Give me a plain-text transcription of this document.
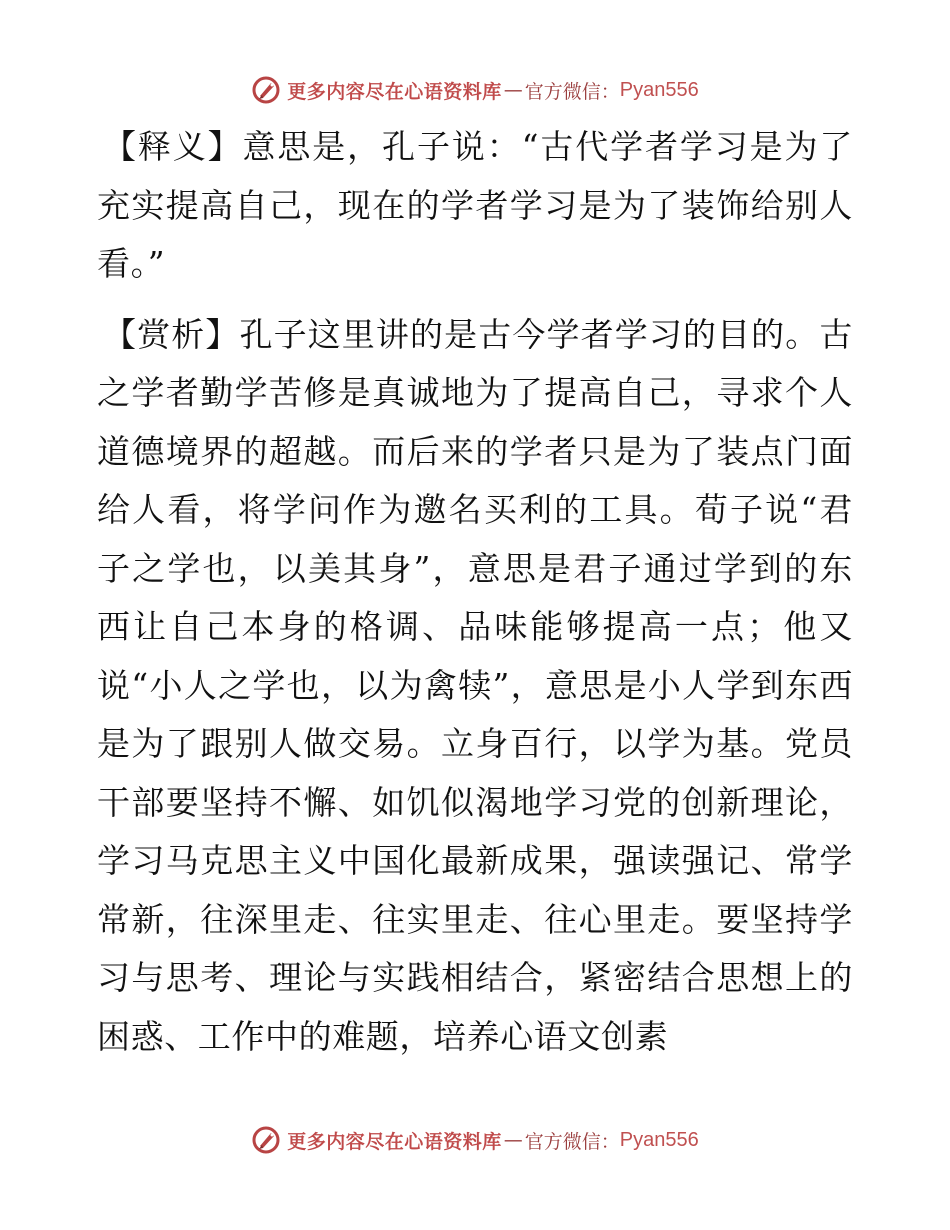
更多内容尽在心语资料库 — 官方微信： Pyan556

【释义】意思是，孔子说：“古代学者学习是为了充实提高自己，现在的学者学习是为了装饰给别人看。”

【赏析】孔子这里讲的是古今学者学习的目的。古之学者勤学苦修是真诚地为了提高自己，寻求个人道德境界的超越。而后来的学者只是为了装点门面给人看，将学问作为邀名买利的工具。荀子说“君子之学也，以美其身”，意思是君子通过学到的东西让自己本身的格调、品味能够提高一点；他又说“小人之学也，以为禽犊”，意思是小人学到东西是为了跟别人做交易。立身百行，以学为基。党员干部要坚持不懈、如饥似渴地学习党的创新理论，学习马克思主义中国化最新成果，强读强记、常学常新，往深里走、往实里走、往心里走。要坚持学习与思考、理论与实践相结合，紧密结合思想上的困惑、工作中的难题，培养心语文创素

更多内容尽在心语资料库 — 官方微信： Pyan556
